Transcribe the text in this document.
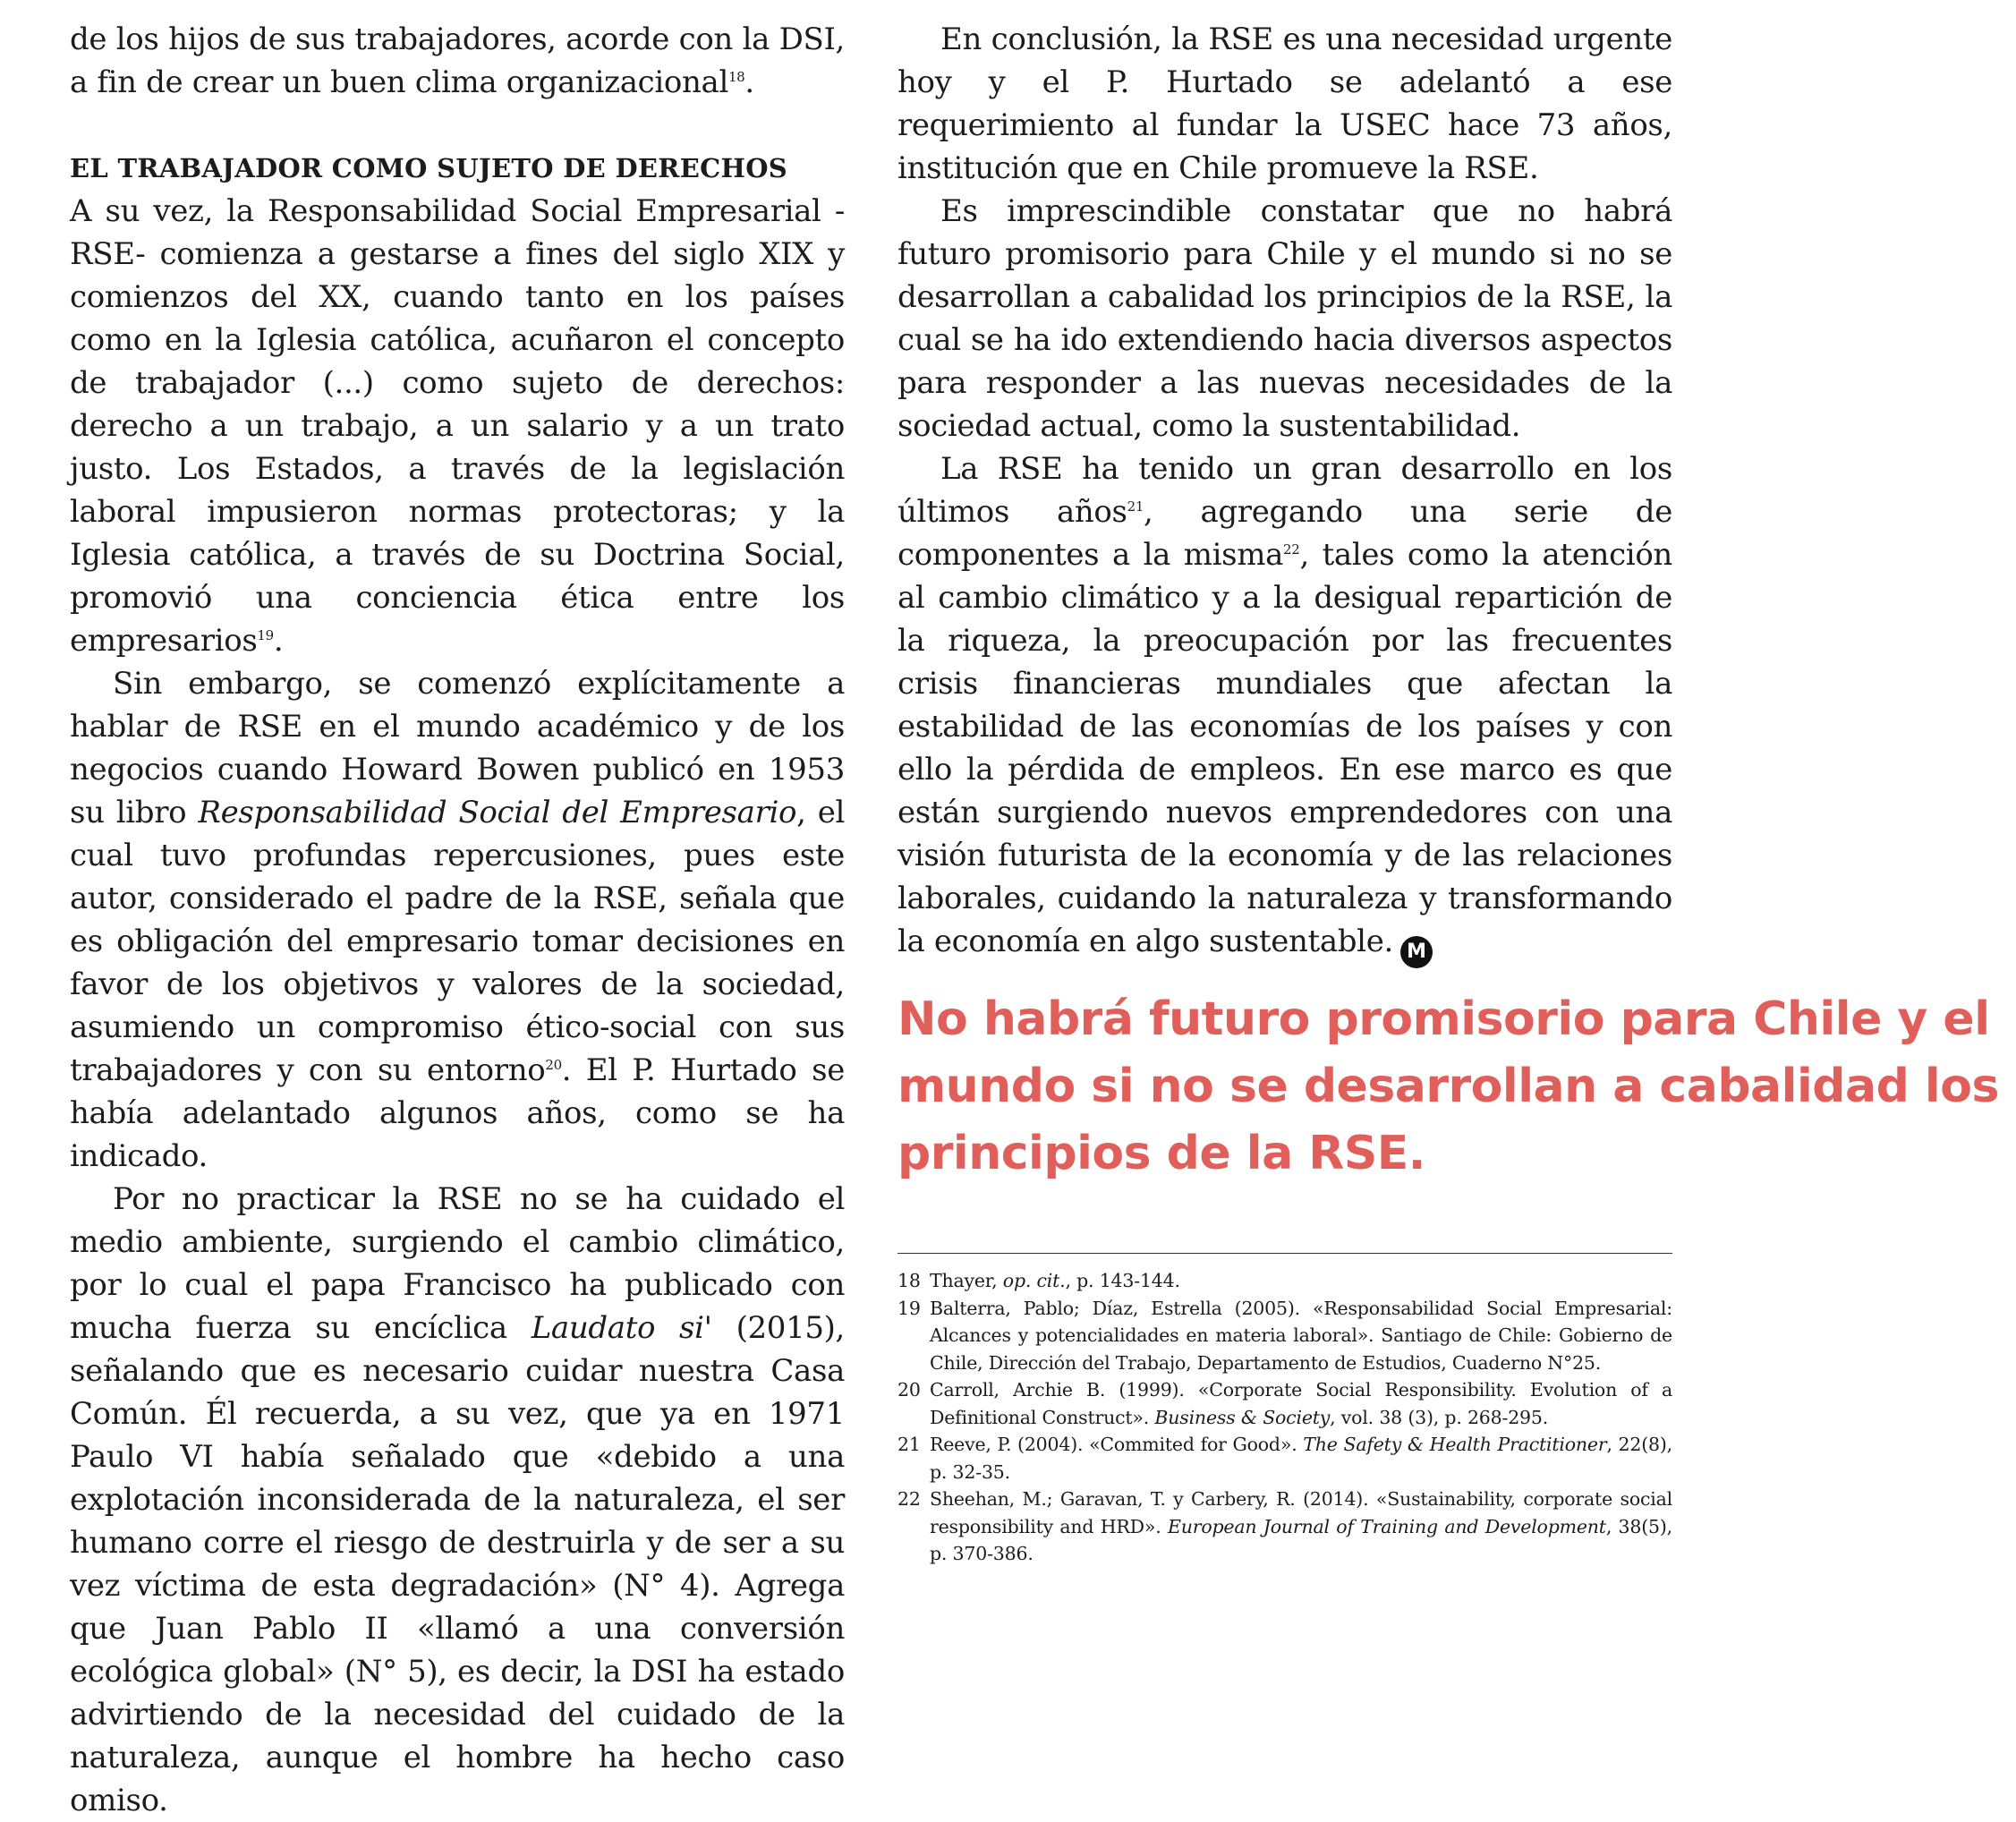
de los hijos de sus trabajadores, acorde con la DSI, a fin de crear un buen clima organizacional$^{18}$.

EL TRABAJADOR COMO SUJETO DE DERECHOS

A su vez, la Responsabilidad Social Empresarial -RSE- comienza a gestarse a fines del siglo XIX y comienzos del XX, cuando tanto en los países como en la Iglesia católica, acuñaron el concepto de trabajador (...) como sujeto de derechos: derecho a un trabajo, a un salario y a un trato justo. Los Estados, a través de la legislación laboral impusieron normas protectoras; y la Iglesia católica, a través de su Doctrina Social, promovió una conciencia ética entre los empresarios$^{19}$.

Sin embargo, se comenzó explícitamente a hablar de RSE en el mundo académico y de los negocios cuando Howard Bowen publicó en 1953 su libro Responsabilidad Social del Empresario, el cual tuvo profundas repercusiones, pues este autor, considerado el padre de la RSE, señala que es obligación del empresario tomar decisiones en favor de los objetivos y valores de la sociedad, asumiendo un compromiso ético-social con sus trabajadores y con su entorno$^{20}$. El P. Hurtado se había adelantado algunos años, como se ha indicado.

Por no practicar la RSE no se ha cuidado el medio ambiente, surgiendo el cambio climático, por lo cual el papa Francisco ha publicado con mucha fuerza su encíclica Laudato si' (2015), señalando que es necesario cuidar nuestra Casa Común. Él recuerda, a su vez, que ya en 1971 Paulo VI había señalado que «debido a una explotación inconsiderada de la naturaleza, el ser humano corre el riesgo de destruirla y de ser a su vez víctima de esta degradación» (N° 4). Agrega que Juan Pablo II «llamó a una conversión ecológica global» (N° 5), es decir, la DSI ha estado advirtiendo de la necesidad del cuidado de la naturaleza, aunque el hombre ha hecho caso omiso.

En conclusión, la RSE es una necesidad urgente hoy y el P. Hurtado se adelantó a ese requerimiento al fundar la USEC hace 73 años, institución que en Chile promueve la RSE.

Es imprescindible constatar que no habrá futuro promisorio para Chile y el mundo si no se desarrollan a cabalidad los principios de la RSE, la cual se ha ido extendiendo hacia diversos aspectos para responder a las nuevas necesidades de la sociedad actual, como la sustentabilidad.

La RSE ha tenido un gran desarrollo en los últimos años$^{21}$, agregando una serie de componentes a la misma$^{22}$, tales como la atención al cambio climático y a la desigual repartición de la riqueza, la preocupación por las frecuentes crisis financieras mundiales que afectan la estabilidad de las economías de los países y con ello la pérdida de empleos. En ese marco es que están surgiendo nuevos emprendedores con una visión futurista de la economía y de las relaciones laborales, cuidando la naturaleza y transformando la economía en algo sustentable. M

No habrá futuro promisorio para Chile y el mundo si no se desarrollan a cabalidad los principios de la RSE.

18 Thayer, op. cit., p. 143-144.
19 Balterra, Pablo; Díaz, Estrella (2005). «Responsabilidad Social Empresarial: Alcances y potencialidades en materia laboral». Santiago de Chile: Gobierno de Chile, Dirección del Trabajo, Departamento de Estudios, Cuaderno N°25.
20 Carroll, Archie B. (1999). «Corporate Social Responsibility. Evolution of a Definitional Construct». Business & Society, vol. 38 (3), p. 268-295.
21 Reeve, P. (2004). «Commited for Good». The Safety & Health Practitioner, 22(8), p. 32-35.
22 Sheehan, M.; Garavan, T. y Carbery, R. (2014). «Sustainability, corporate social responsibility and HRD». European Journal of Training and Development, 38(5), p. 370-386.
